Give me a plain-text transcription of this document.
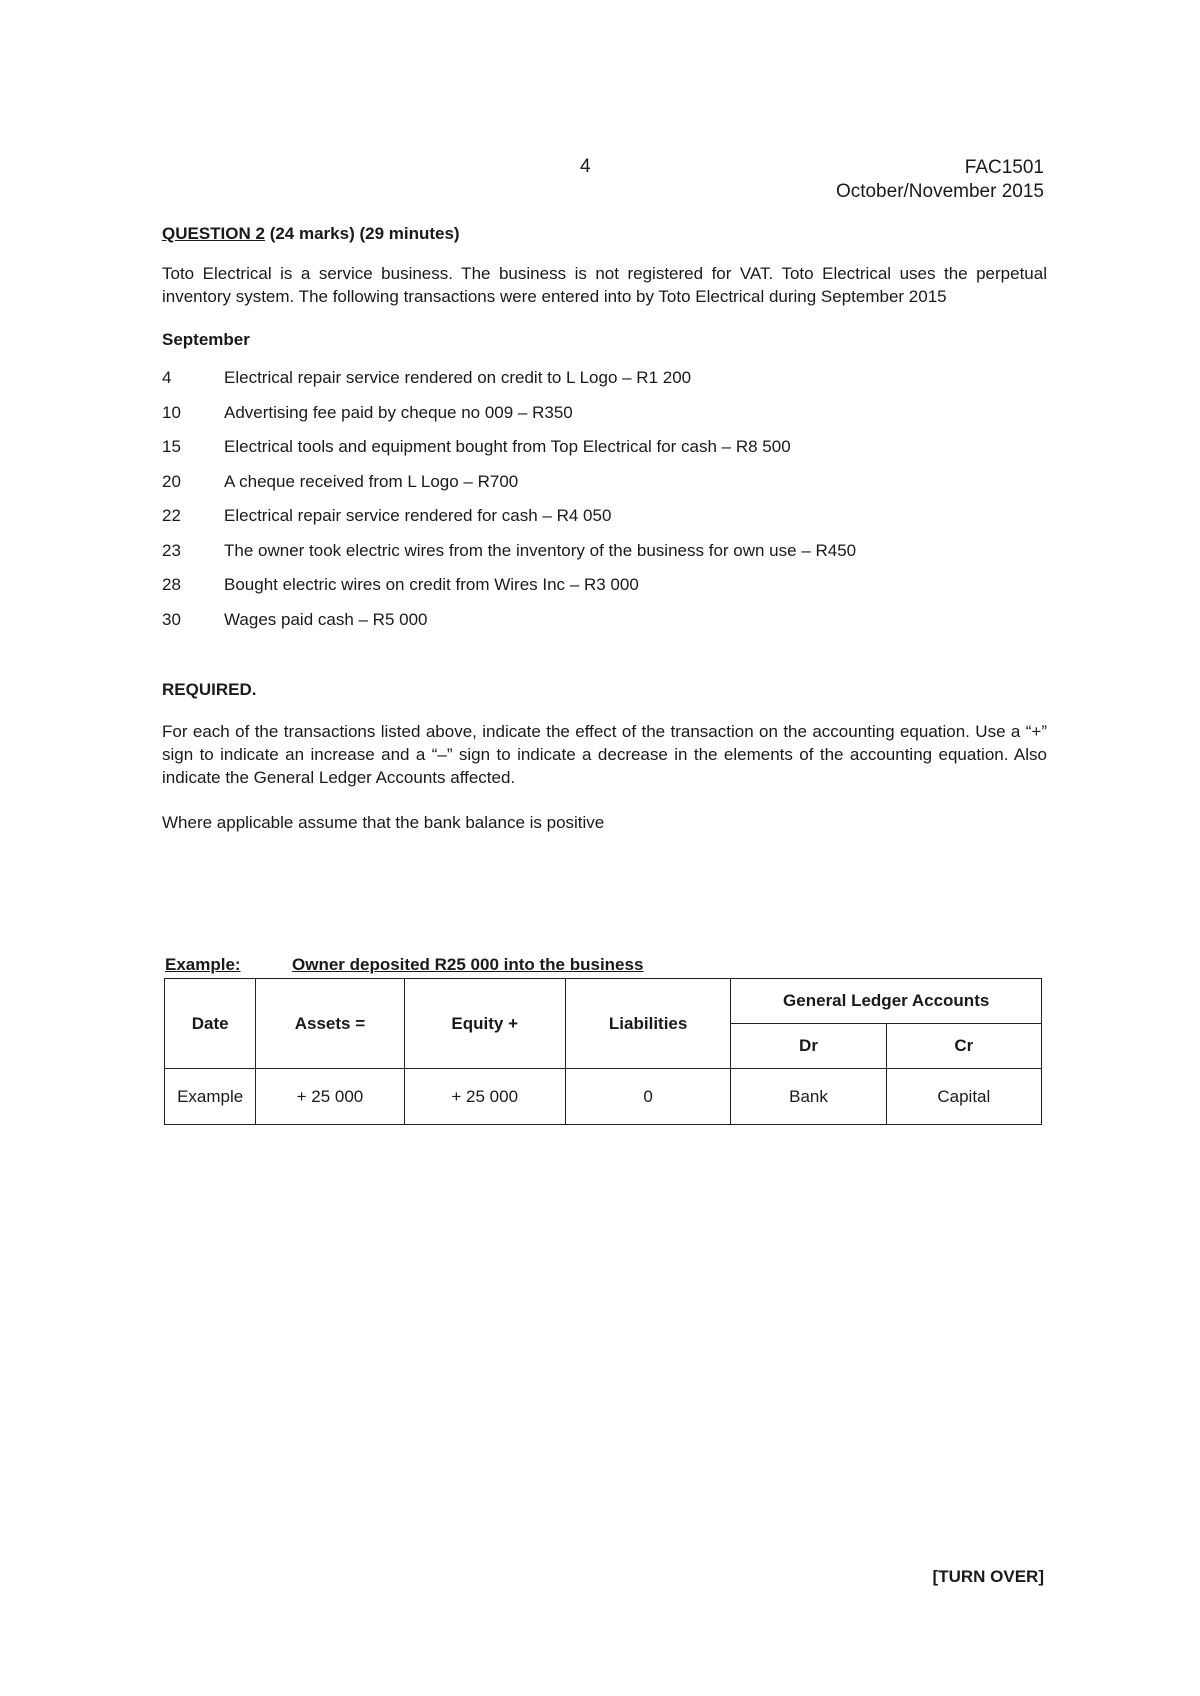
4	FAC1501
October/November 2015
QUESTION 2 (24 marks) (29 minutes)

Toto Electrical is a service business. The business is not registered for VAT. Toto Electrical uses the perpetual inventory system. The following transactions were entered into by Toto Electrical during September 2015

September
4	Electrical repair service rendered on credit to L Logo – R1 200
10	Advertising fee paid by cheque no 009 – R350
15	Electrical tools and equipment bought from Top Electrical for cash – R8 500
20	A cheque received from L Logo – R700
22	Electrical repair service rendered for cash – R4 050
23	The owner took electric wires from the inventory of the business for own use – R450
28	Bought electric wires on credit from Wires Inc – R3 000
30	Wages paid cash – R5 000
REQUIRED.

For each of the transactions listed above, indicate the effect of the transaction on the accounting equation. Use a “+” sign to indicate an increase and a “–” sign to indicate a decrease in the elements of the accounting equation. Also indicate the General Ledger Accounts affected.

Where applicable assume that the bank balance is positive

Example:	Owner deposited R25 000 into the business
Date	Assets =	Equity +	Liabilities	General Ledger Accounts	
				Dr	Cr
Example	+ 25 000	+ 25 000	0	Bank	Capital
[TURN OVER]
